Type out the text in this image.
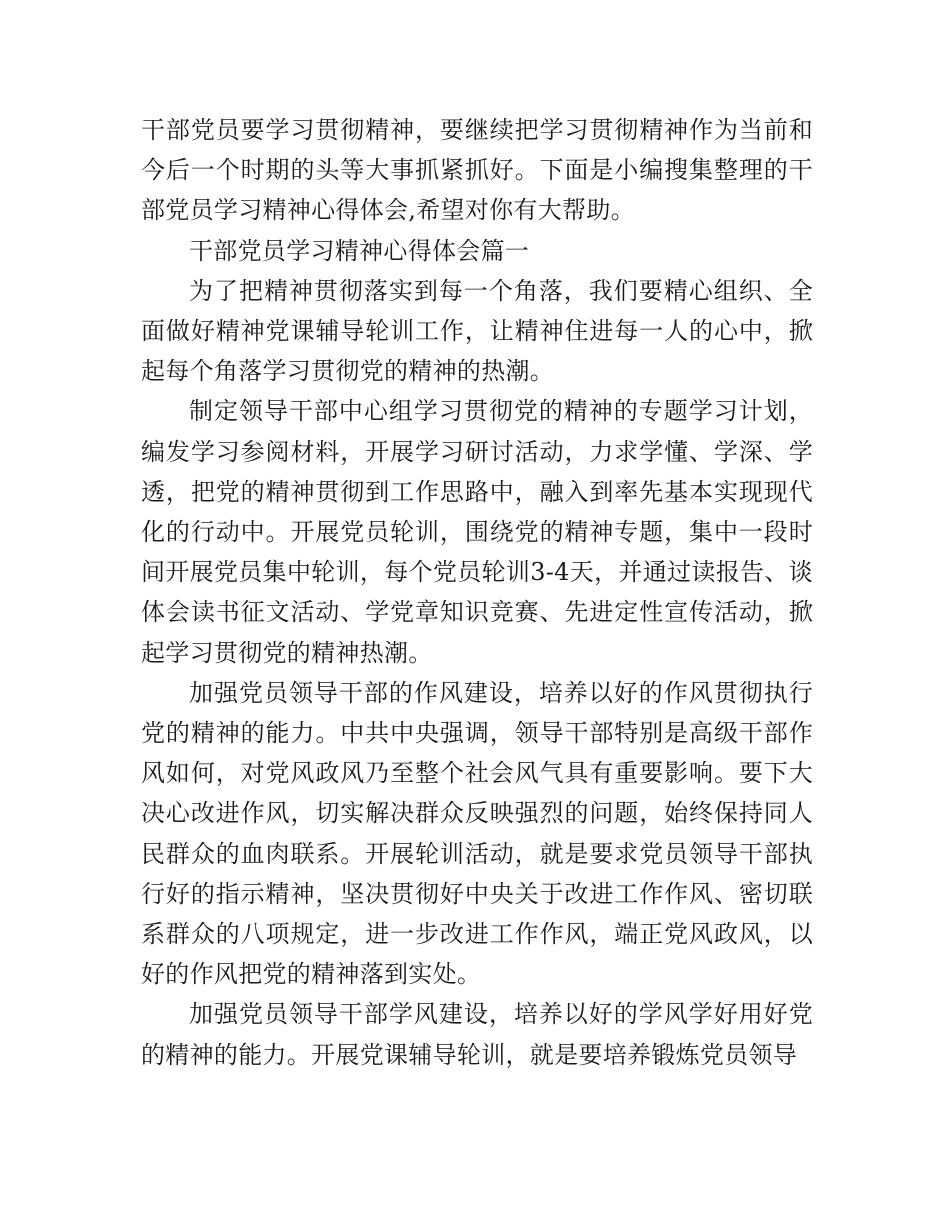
干部党员要学习贯彻精神，要继续把学习贯彻精神作为当前和今后一个时期的头等大事抓紧抓好。下面是小编搜集整理的干部党员学习精神心得体会,希望对你有大帮助。

干部党员学习精神心得体会篇一

为了把精神贯彻落实到每一个角落，我们要精心组织、全面做好精神党课辅导轮训工作，让精神住进每一人的心中，掀起每个角落学习贯彻党的精神的热潮。

制定领导干部中心组学习贯彻党的精神的专题学习计划，编发学习参阅材料，开展学习研讨活动，力求学懂、学深、学透，把党的精神贯彻到工作思路中，融入到率先基本实现现代化的行动中。开展党员轮训，围绕党的精神专题，集中一段时间开展党员集中轮训，每个党员轮训3-4天，并通过读报告、谈体会读书征文活动、学党章知识竞赛、先进定性宣传活动，掀起学习贯彻党的精神热潮。

加强党员领导干部的作风建设，培养以好的作风贯彻执行党的精神的能力。中共中央强调，领导干部特别是高级干部作风如何，对党风政风乃至整个社会风气具有重要影响。要下大决心改进作风，切实解决群众反映强烈的问题，始终保持同人民群众的血肉联系。开展轮训活动，就是要求党员领导干部执行好的指示精神，坚决贯彻好中央关于改进工作作风、密切联系群众的八项规定，进一步改进工作作风，端正党风政风，以好的作风把党的精神落到实处。

加强党员领导干部学风建设，培养以好的学风学好用好党的精神的能力。开展党课辅导轮训，就是要培养锻炼党员领导
